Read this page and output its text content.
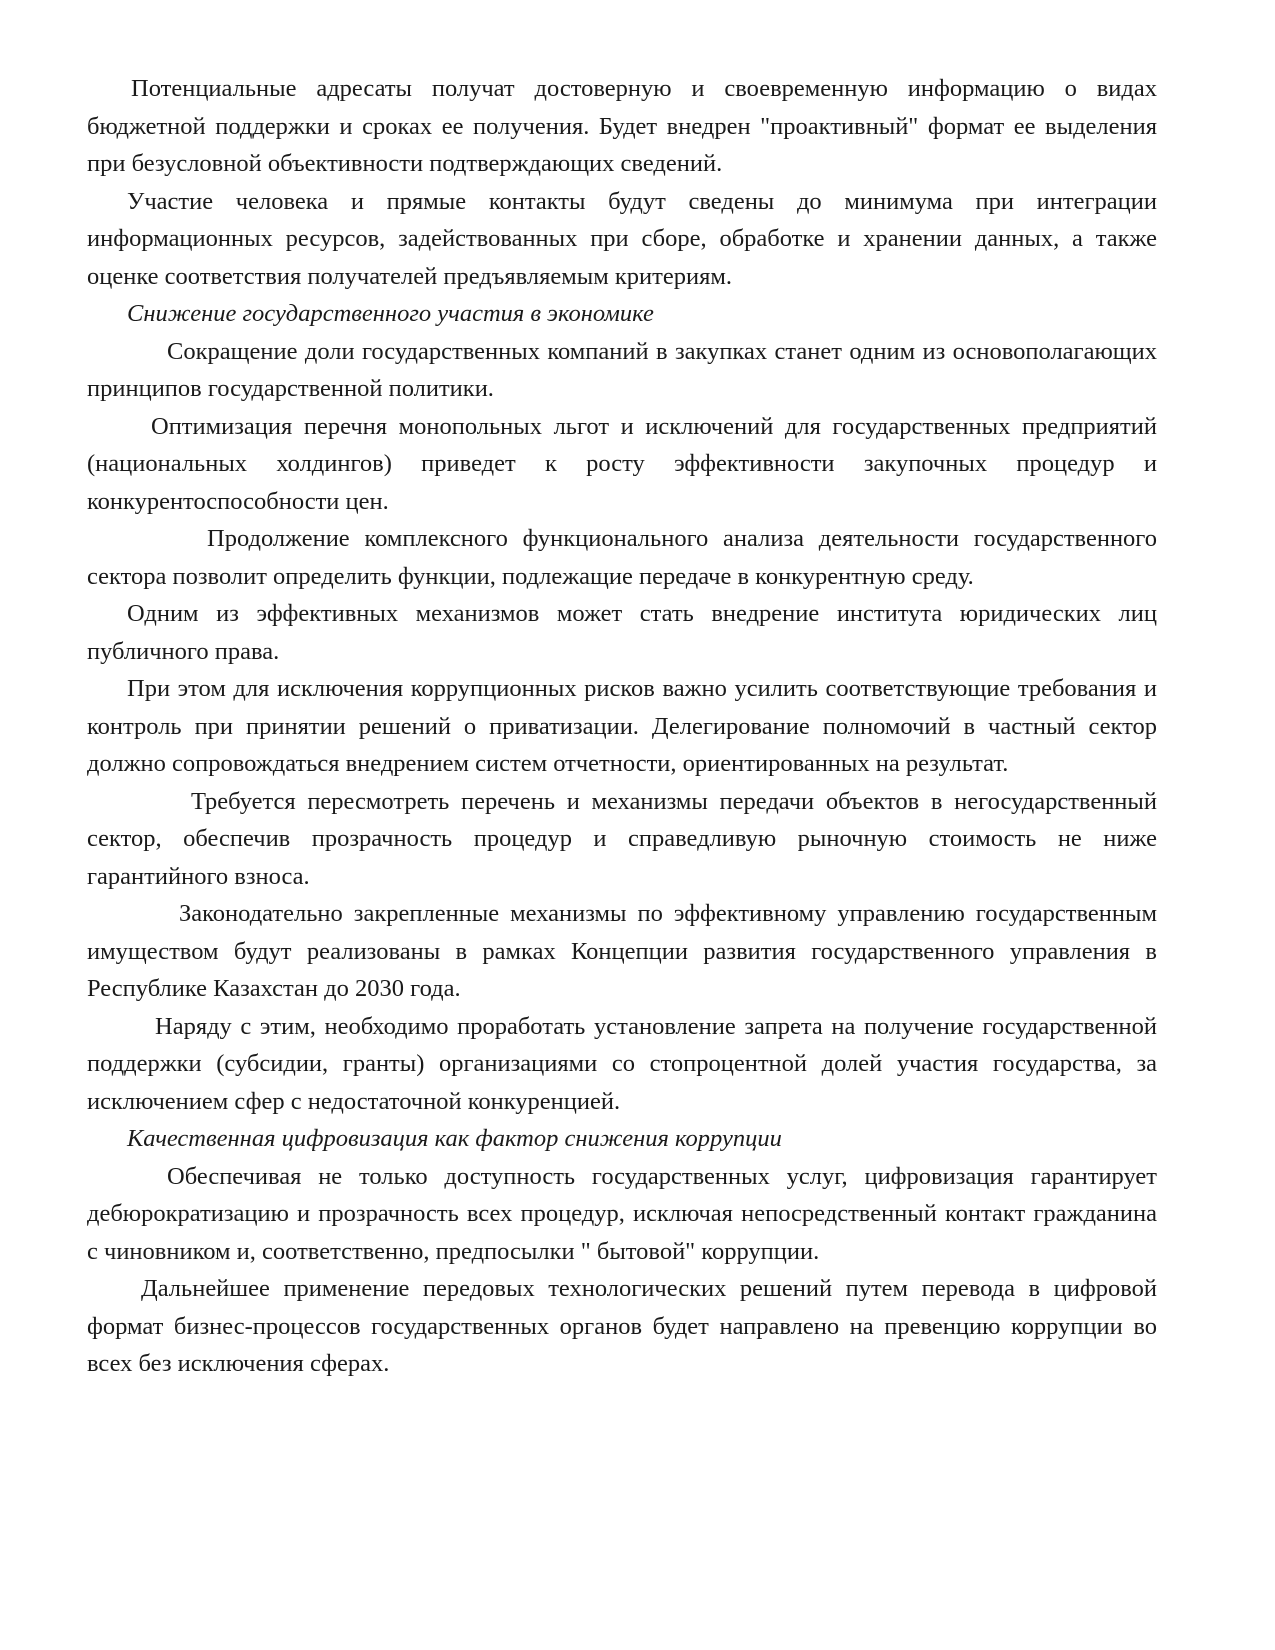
Потенциальные адресаты получат достоверную и своевременную информацию о видах бюджетной поддержки и сроках ее получения. Будет внедрен "проактивный" формат ее выделения при безусловной объективности подтверждающих сведений.

Участие человека и прямые контакты будут сведены до минимума при интеграции информационных ресурсов, задействованных при сборе, обработке и хранении данных, а также оценке соответствия получателей предъявляемым критериям.

Снижение государственного участия в экономике

Сокращение доли государственных компаний в закупках станет одним из основополагающих принципов государственной политики.

Оптимизация перечня монопольных льгот и исключений для государственных предприятий (национальных холдингов) приведет к росту эффективности закупочных процедур и конкурентоспособности цен.

Продолжение комплексного функционального анализа деятельности государственного сектора позволит определить функции, подлежащие передаче в конкурентную среду.

Одним из эффективных механизмов может стать внедрение института юридических лиц публичного права.

При этом для исключения коррупционных рисков важно усилить соответствующие требования и контроль при принятии решений о приватизации. Делегирование полномочий в частный сектор должно сопровождаться внедрением систем отчетности, ориентированных на результат.

Требуется пересмотреть перечень и механизмы передачи объектов в негосударственный сектор, обеспечив прозрачность процедур и справедливую рыночную стоимость не ниже гарантийного взноса.

Законодательно закрепленные механизмы по эффективному управлению государственным имуществом будут реализованы в рамках Концепции развития государственного управления в Республике Казахстан до 2030 года.

Наряду с этим, необходимо проработать установление запрета на получение государственной поддержки (субсидии, гранты) организациями со стопроцентной долей участия государства, за исключением сфер с недостаточной конкуренцией.

Качественная цифровизация как фактор снижения коррупции

Обеспечивая не только доступность государственных услуг, цифровизация гарантирует дебюрократизацию и прозрачность всех процедур, исключая непосредственный контакт гражданина с чиновником и, соответственно, предпосылки " бытовой" коррупции.

Дальнейшее применение передовых технологических решений путем перевода в цифровой формат бизнес-процессов государственных органов будет направлено на превенцию коррупции во всех без исключения сферах.
